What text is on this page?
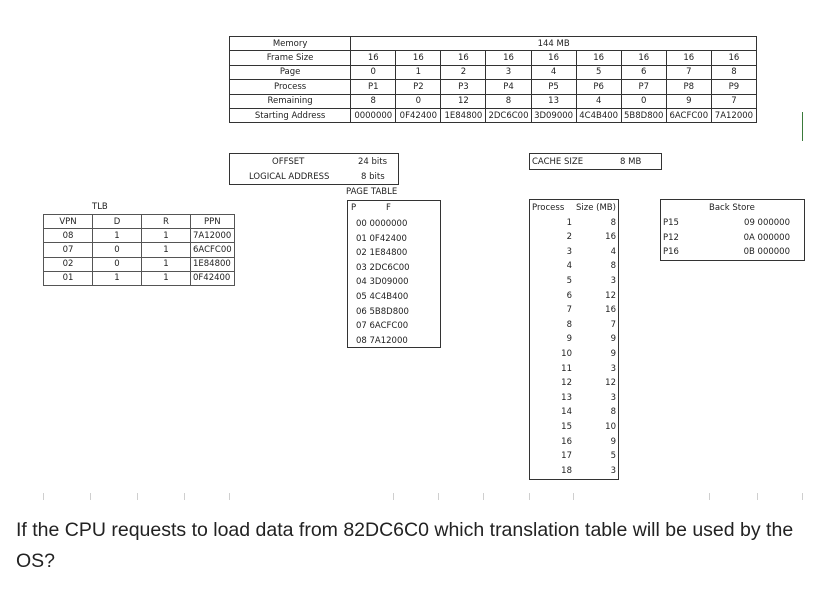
Memory	144 MB								
Frame Size	16	16	16	16	16	16	16	16	16
Page	0	1	2	3	4	5	6	7	8
Process	P1	P2	P3	P4	P5	P6	P7	P8	P9
Remaining	8	0	12	8	13	4	0	9	7
Starting Address	0000000	0F42400	1E84800	2DC6C00	3D09000	4C4B400	5B8D800	6ACFC00	7A12000
OFFSET	24 bits
LOGICAL ADDRESS	8 bits
CACHE SIZE	8 MB
TLB
VPN	D	R	PPN
08	1	1	7A12000
07	0	1	6ACFC00
02	0	1	1E84800
01	1	1	0F42400
PAGE TABLE
P	F
00 0000000
01 0F42400
02 1E84800
03 2DC6C00
04 3D09000
05 4C4B400
06 5B8D800
07 6ACFC00
08 7A12000
Process Size (MB)
1	8
2	16
3	4
4	8
5	3
6	12
7	16
8	7
9	9
10	9
11	3
12	12
13	3
14	8
15	10
16	9
17	5
18	3
Back Store
P15	09 000000
P12	0A 000000
P16	0B 000000
If the CPU requests to load data from 82DC6C0 which translation table will be used by the OS?
